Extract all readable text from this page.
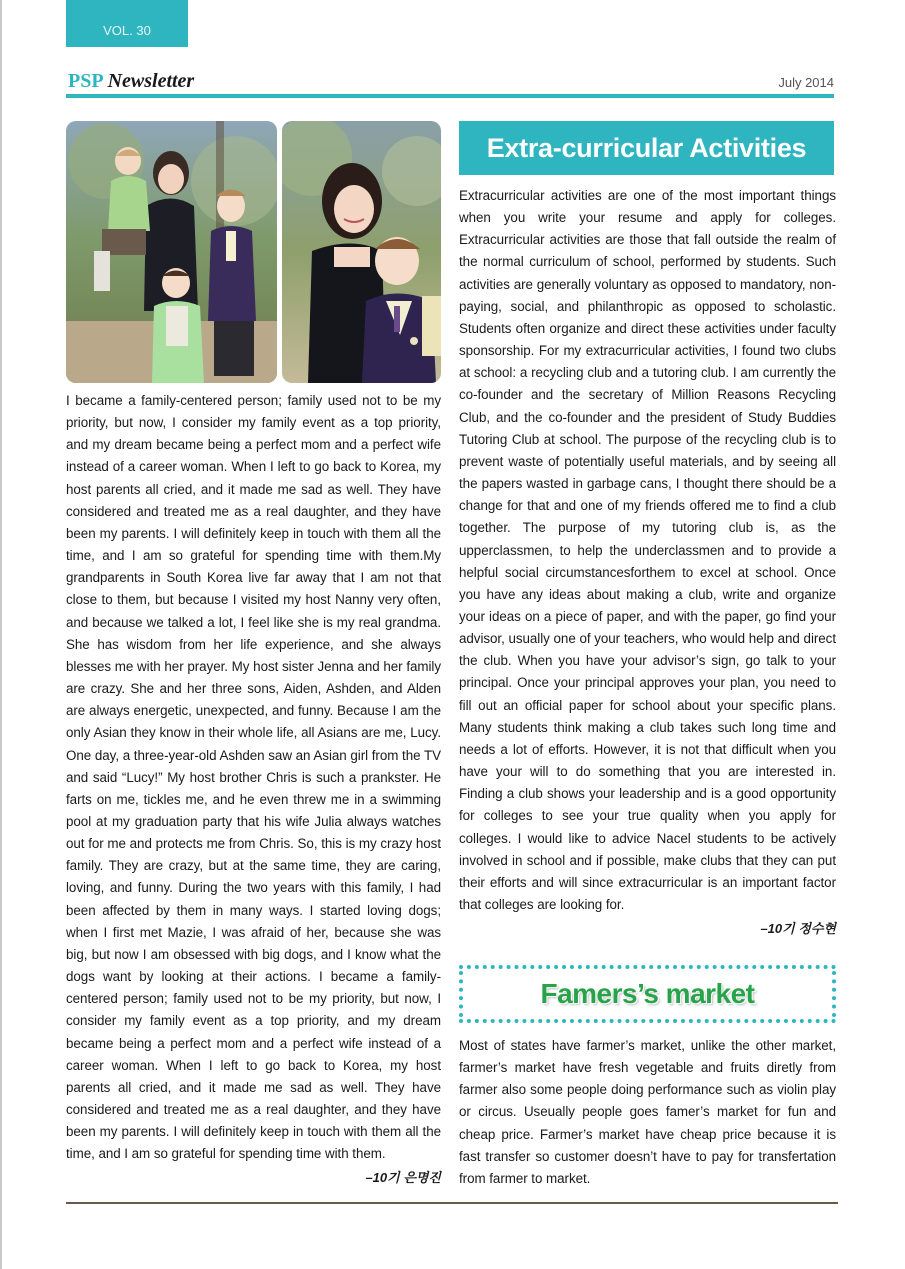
VOL. 30
PSP Newsletter	July 2014

I became a family-centered person; family used not to be my priority, but now, I consider my family event as a top priority, and my dream became being a perfect mom and a perfect wife instead of a career woman. When I left to go back to Korea, my host parents all cried, and it made me sad as well. They have considered and treated me as a real daughter, and they have been my parents. I will definitely keep in touch with them all the time, and I am so grateful for spending time with them.My grandparents in South Korea live far away that I am not that close to them, but because I visited my host Nanny very often, and because we talked a lot, I feel like she is my real grandma. She has wisdom from her life experience, and she always blesses me with her prayer. My host sister Jenna and her family are crazy. She and her three sons, Aiden, Ashden, and Alden are always energetic, unexpected, and funny. Because I am the only Asian they know in their whole life, all Asians are me, Lucy. One day, a three-year-old Ashden saw an Asian girl from the TV and said “Lucy!” My host brother Chris is such a prankster. He farts on me, tickles me, and he even threw me in a swimming pool at my graduation party that his wife Julia always watches out for me and protects me from Chris. So, this is my crazy host family. They are crazy, but at the same time, they are caring, loving, and funny. During the two years with this family, I had been affected by them in many ways. I started loving dogs; when I first met Mazie, I was afraid of her, because she was big, but now I am obsessed with big dogs, and I know what the dogs want by looking at their actions. I became a family-centered person; family used not to be my priority, but now, I consider my family event as a top priority, and my dream became being a perfect mom and a perfect wife instead of a career woman. When I left to go back to Korea, my host parents all cried, and it made me sad as well. They have considered and treated me as a real daughter, and they have been my parents. I will definitely keep in touch with them all the time, and I am so grateful for spending time with them.

–10기 은명진
Extra-curricular Activities

Extracurricular activities are one of the most important things when you write your resume and apply for colleges. Extracurricular activities are those that fall outside the realm of the normal curriculum of school, performed by students. Such activities are generally voluntary as opposed to mandatory, non-paying, social, and philanthropic as opposed to scholastic. Students often organize and direct these activities under faculty sponsorship. For my extracurricular activities, I found two clubs at school: a recycling club and a tutoring club. I am currently the co-founder and the secretary of Million Reasons Recycling Club, and the co-founder and the president of Study Buddies Tutoring Club at school. The purpose of the recycling club is to prevent waste of potentially useful materials, and by seeing all the papers wasted in garbage cans, I thought there should be a change for that and one of my friends offered me to find a club together. The purpose of my tutoring club is, as the upperclassmen, to help the underclassmen and to provide a helpful social circumstancesforthem to excel at school. Once you have any ideas about making a club, write and organize your ideas on a piece of paper, and with the paper, go find your advisor, usually one of your teachers, who would help and direct the club. When you have your advisor’s sign, go talk to your principal. Once your principal approves your plan, you need to fill out an official paper for school about your specific plans. Many students think making a club takes such long time and needs a lot of efforts. However, it is not that difficult when you have your will to do something that you are interested in. Finding a club shows your leadership and is a good opportunity for colleges to see your true quality when you apply for colleges. I would like to advice Nacel students to be actively involved in school and if possible, make clubs that they can put their efforts and will since extracurricular is an important factor that colleges are looking for.

–10기 정수현
Famers’s market

Most of states have farmer’s market, unlike the other market, farmer’s market have fresh vegetable and fruits diretly from farmer also some people doing performance such as violin play or circus. Useually people goes famer’s market for fun and cheap price. Farmer’s market have cheap price because it is fast transfer so customer doesn’t have to pay for transfertation from farmer to market.
